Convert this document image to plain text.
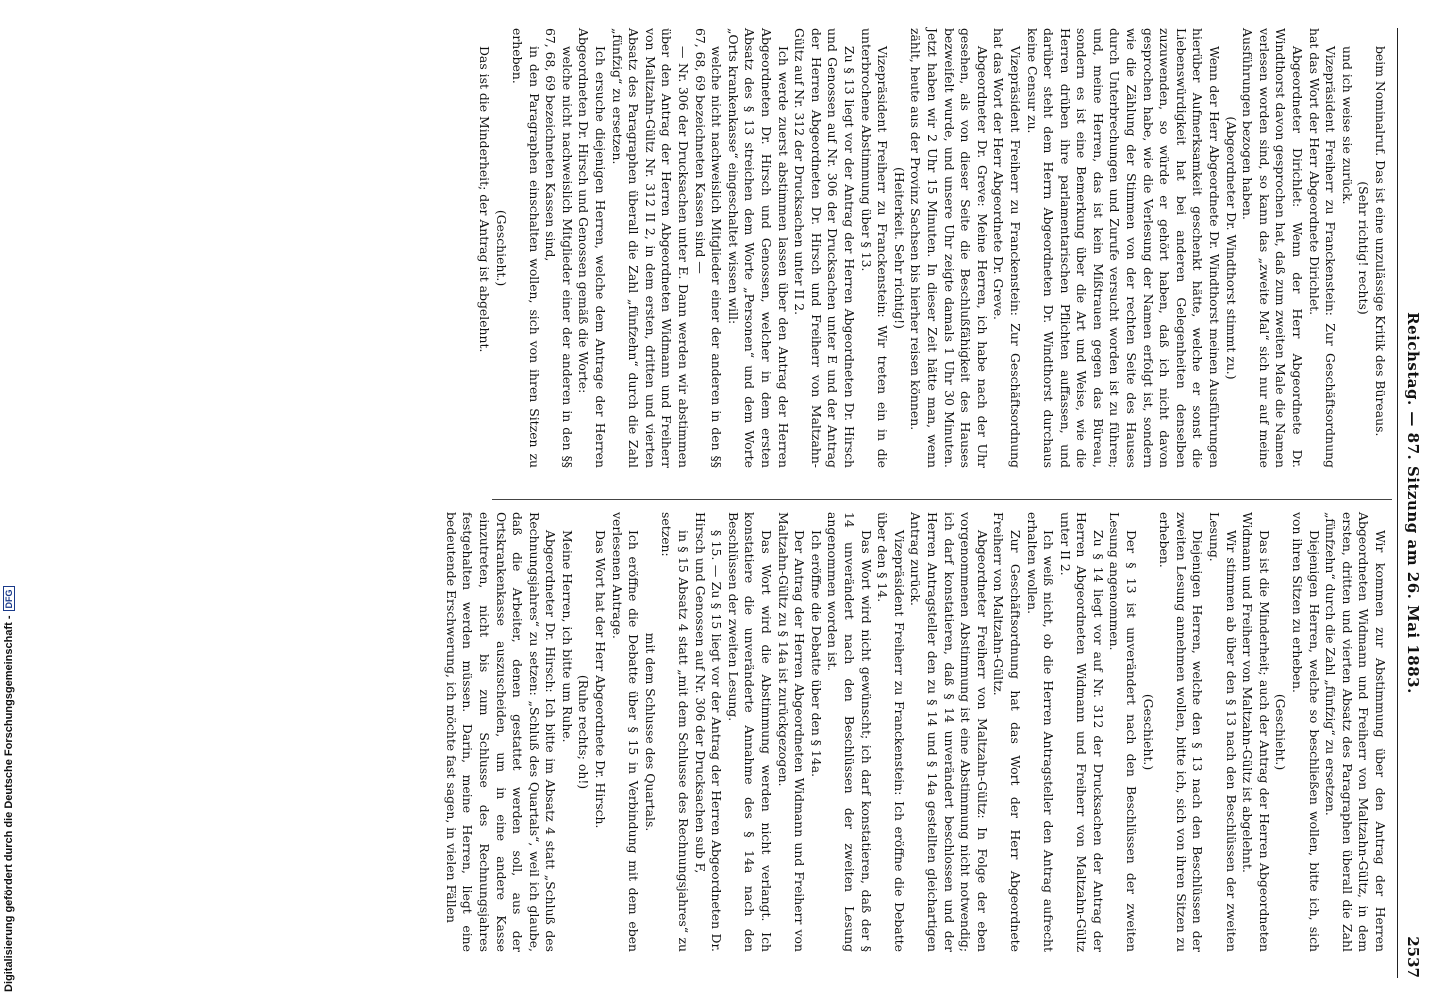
Reichstag. — 87. Sitzung am 26. Mai 1883.
2537

beim Nominalruf. Das ist eine unzulässige Kritik des Büreaus.

(Sehr richtig! rechts)

und ich weise sie zurück.

Vizepräsident Freiherr zu Franckenstein: Zur Geschäftsordnung hat das Wort der Herr Abgeordnete Dirichlet.

Abgeordneter Dirichlet: Wenn der Herr Abgeordnete Dr. Windthorst davon gesprochen hat, daß zum zweiten Male die Namen verlesen worden sind, so kann das „zweite Mal“ sich nur auf meine Ausführungen bezogen haben.

(Abgeordneter Dr. Windthorst stimmt zu.)

Wenn der Herr Abgeordnete Dr. Windthorst meinen Ausführungen hierüber Aufmerksamkeit geschenkt hätte, welche er sonst die Liebenswürdigkeit hat bei anderen Gelegenheiten denselben zuzuwenden, so würde er gehört haben, daß ich nicht davon gesprochen habe, wie die Verlesung der Namen erfolgt ist, sondern wie die Zählung der Stimmen von der rechten Seite des Hauses durch Unterbrechungen und Zurufe versucht worden ist zu führen; und, meine Herren, das ist kein Mißtrauen gegen das Büreau, sondern es ist eine Bemerkung über die Art und Weise, wie die Herren drüben ihre parlamentarischen Pflichten auffassen, und darüber steht dem Herrn Abgeordneten Dr. Windthorst durchaus keine Censur zu.

Vizepräsident Freiherr zu Franckenstein: Zur Geschäftsordnung hat das Wort der Herr Abgeordnete Dr. Greve.

Abgeordneter Dr. Greve: Meine Herren, ich habe nach der Uhr gesehen, als von dieser Seite die Beschlußfähigkeit des Hauses bezweifelt wurde, und unsere Uhr zeigte damals 1 Uhr 30 Minuten. Jetzt haben wir 2 Uhr 15 Minuten. In dieser Zeit hätte man, wenn zählt, heute aus der Provinz Sachsen bis hierher reisen können.

(Heiterkeit. Sehr richtig!)

Vizepräsident Freiherr zu Franckenstein: Wir treten ein in die unterbrochene Abstimmung über § 13.

Zu § 13 liegt vor der Antrag der Herren Abgeordneten Dr. Hirsch und Genossen auf Nr. 306 der Drucksachen unter E und der Antrag der Herren Abgeordneten Dr. Hirsch und Freiherr von Maltzahn-Gültz auf Nr. 312 der Drucksachen unter II 2.

Ich werde zuerst abstimmen lassen über den Antrag der Herren Abgeordneten Dr. Hirsch und Genossen, welcher in dem ersten Absatz des § 13 streichen dem Worte „Personen“ und dem Worte „Orts krankenkasse“ eingeschaltet wissen will:

welche nicht nachweislich Mitglieder einer der anderen in den §§ 67, 68, 69 bezeichneten Kassen sind —

— Nr. 306 der Drucksachen unter E. Dann werden wir abstimmen über den Antrag der Herren Abgeordneten Widmann und Freiherr von Maltzahn-Gültz Nr. 312 II 2, in dem ersten, dritten und vierten Absatz des Paragraphen überall die Zahl „fünfzehn“ durch die Zahl „fünfzig“ zu ersetzen.

Ich ersuche diejenigen Herren, welche dem Antrage der Herren Abgeordneten Dr. Hirsch und Genossen gemäß die Worte:

welche nicht nachweislich Mitglieder einer der anderen in den §§ 67, 68, 69 bezeichneten Kassen sind,

in den Paragraphen einschalten wollen, sich von ihren Sitzen zu erheben.

(Geschieht.)

Das ist die Minderheit; der Antrag ist abgelehnt.

Wir kommen zur Abstimmung über den Antrag der Herren Abgeordneten Widmann und Freiherr von Maltzahn-Gültz, in dem ersten, dritten und vierten Absatz des Paragraphen überall die Zahl „fünfzehn“ durch die Zahl „fünfzig“ zu ersetzen.

Diejenigen Herren, welche so beschließen wollen, bitte ich, sich von ihren Sitzen zu erheben.

(Geschieht.)

Das ist die Minderheit; auch der Antrag der Herren Abgeordneten Widmann und Freiherr von Maltzahn-Gültz ist abgelehnt.

Wir stimmen ab über den § 13 nach den Beschlüssen der zweiten Lesung.

Diejenigen Herren, welche den § 13 nach den Beschlüssen der zweiten Lesung annehmen wollen, bitte ich, sich von ihren Sitzen zu erheben.

(Geschieht.)

Der § 13 ist unverändert nach den Beschlüssen der zweiten Lesung angenommen.

Zu § 14 liegt vor auf Nr. 312 der Drucksachen der Antrag der Herren Abgeordneten Widmann und Freiherr von Maltzahn-Gültz unter II 2.

Ich weiß nicht, ob die Herren Antragsteller den Antrag aufrecht erhalten wollen.

Zur Geschäftsordnung hat das Wort der Herr Abgeordnete Freiherr von Maltzahn-Gültz.

Abgeordneter Freiherr von Maltzahn-Gültz: In Folge der eben vorgenommenen Abstimmung ist eine Abstimmung nicht notwendig; ich darf konstatieren, daß § 14 unverändert beschlossen und der Herren Antragsteller den zu § 14 und § 14a gestellten gleichartigen Antrag zurück.

Vizepräsident Freiherr zu Franckenstein: Ich eröffne die Debatte über den § 14.

Das Wort wird nicht gewünscht; ich darf konstatieren, daß der § 14 unverändert nach den Beschlüssen der zweiten Lesung angenommen worden ist.

Ich eröffne die Debatte über den § 14a.

Der Antrag der Herren Abgeordneten Widmann und Freiherr von Maltzahn-Gültz zu § 14a ist zurückgezogen.

Das Wort wird die Abstimmung werden nicht verlangt. Ich konstatiere die unveränderte Annahme des § 14a nach den Beschlüssen der zweiten Lesung.

§ 15. — Zu § 15 liegt vor der Antrag der Herren Abgeordneten Dr. Hirsch und Genossen auf Nr. 306 der Drucksachen sub F,

in § 15 Absatz 4 statt „mit dem Schlusse des Rechnungsjahres“ zu setzen:

mit dem Schlusse des Quartals.

Ich eröffne die Debatte über § 15 in Verbindung mit dem eben verlesenen Antrage.

Das Wort hat der Herr Abgeordnete Dr. Hirsch.

(Ruhe rechts; oh!)

Meine Herren, ich bitte um Ruhe.

Abgeordneter Dr. Hirsch: Ich bitte im Absatz 4 statt „Schluß des Rechnungsjahres“ zu setzen: „Schluß des Quartals“, weil ich glaube, daß die Arbeiter, denen gestattet werden soll, aus der Ortskrankenkasse auszuscheiden, um in eine andere Kasse einzutreten, nicht bis zum Schlusse des Rechnungsjahres festgehalten werden müssen. Darin, meine Herren, liegt eine bedeutende Erschwerung, ich möchte fast sagen, in vielen Fällen

Digitalisierung gefördert durch die Deutsche Forschungsgemeinschaft -DFG
